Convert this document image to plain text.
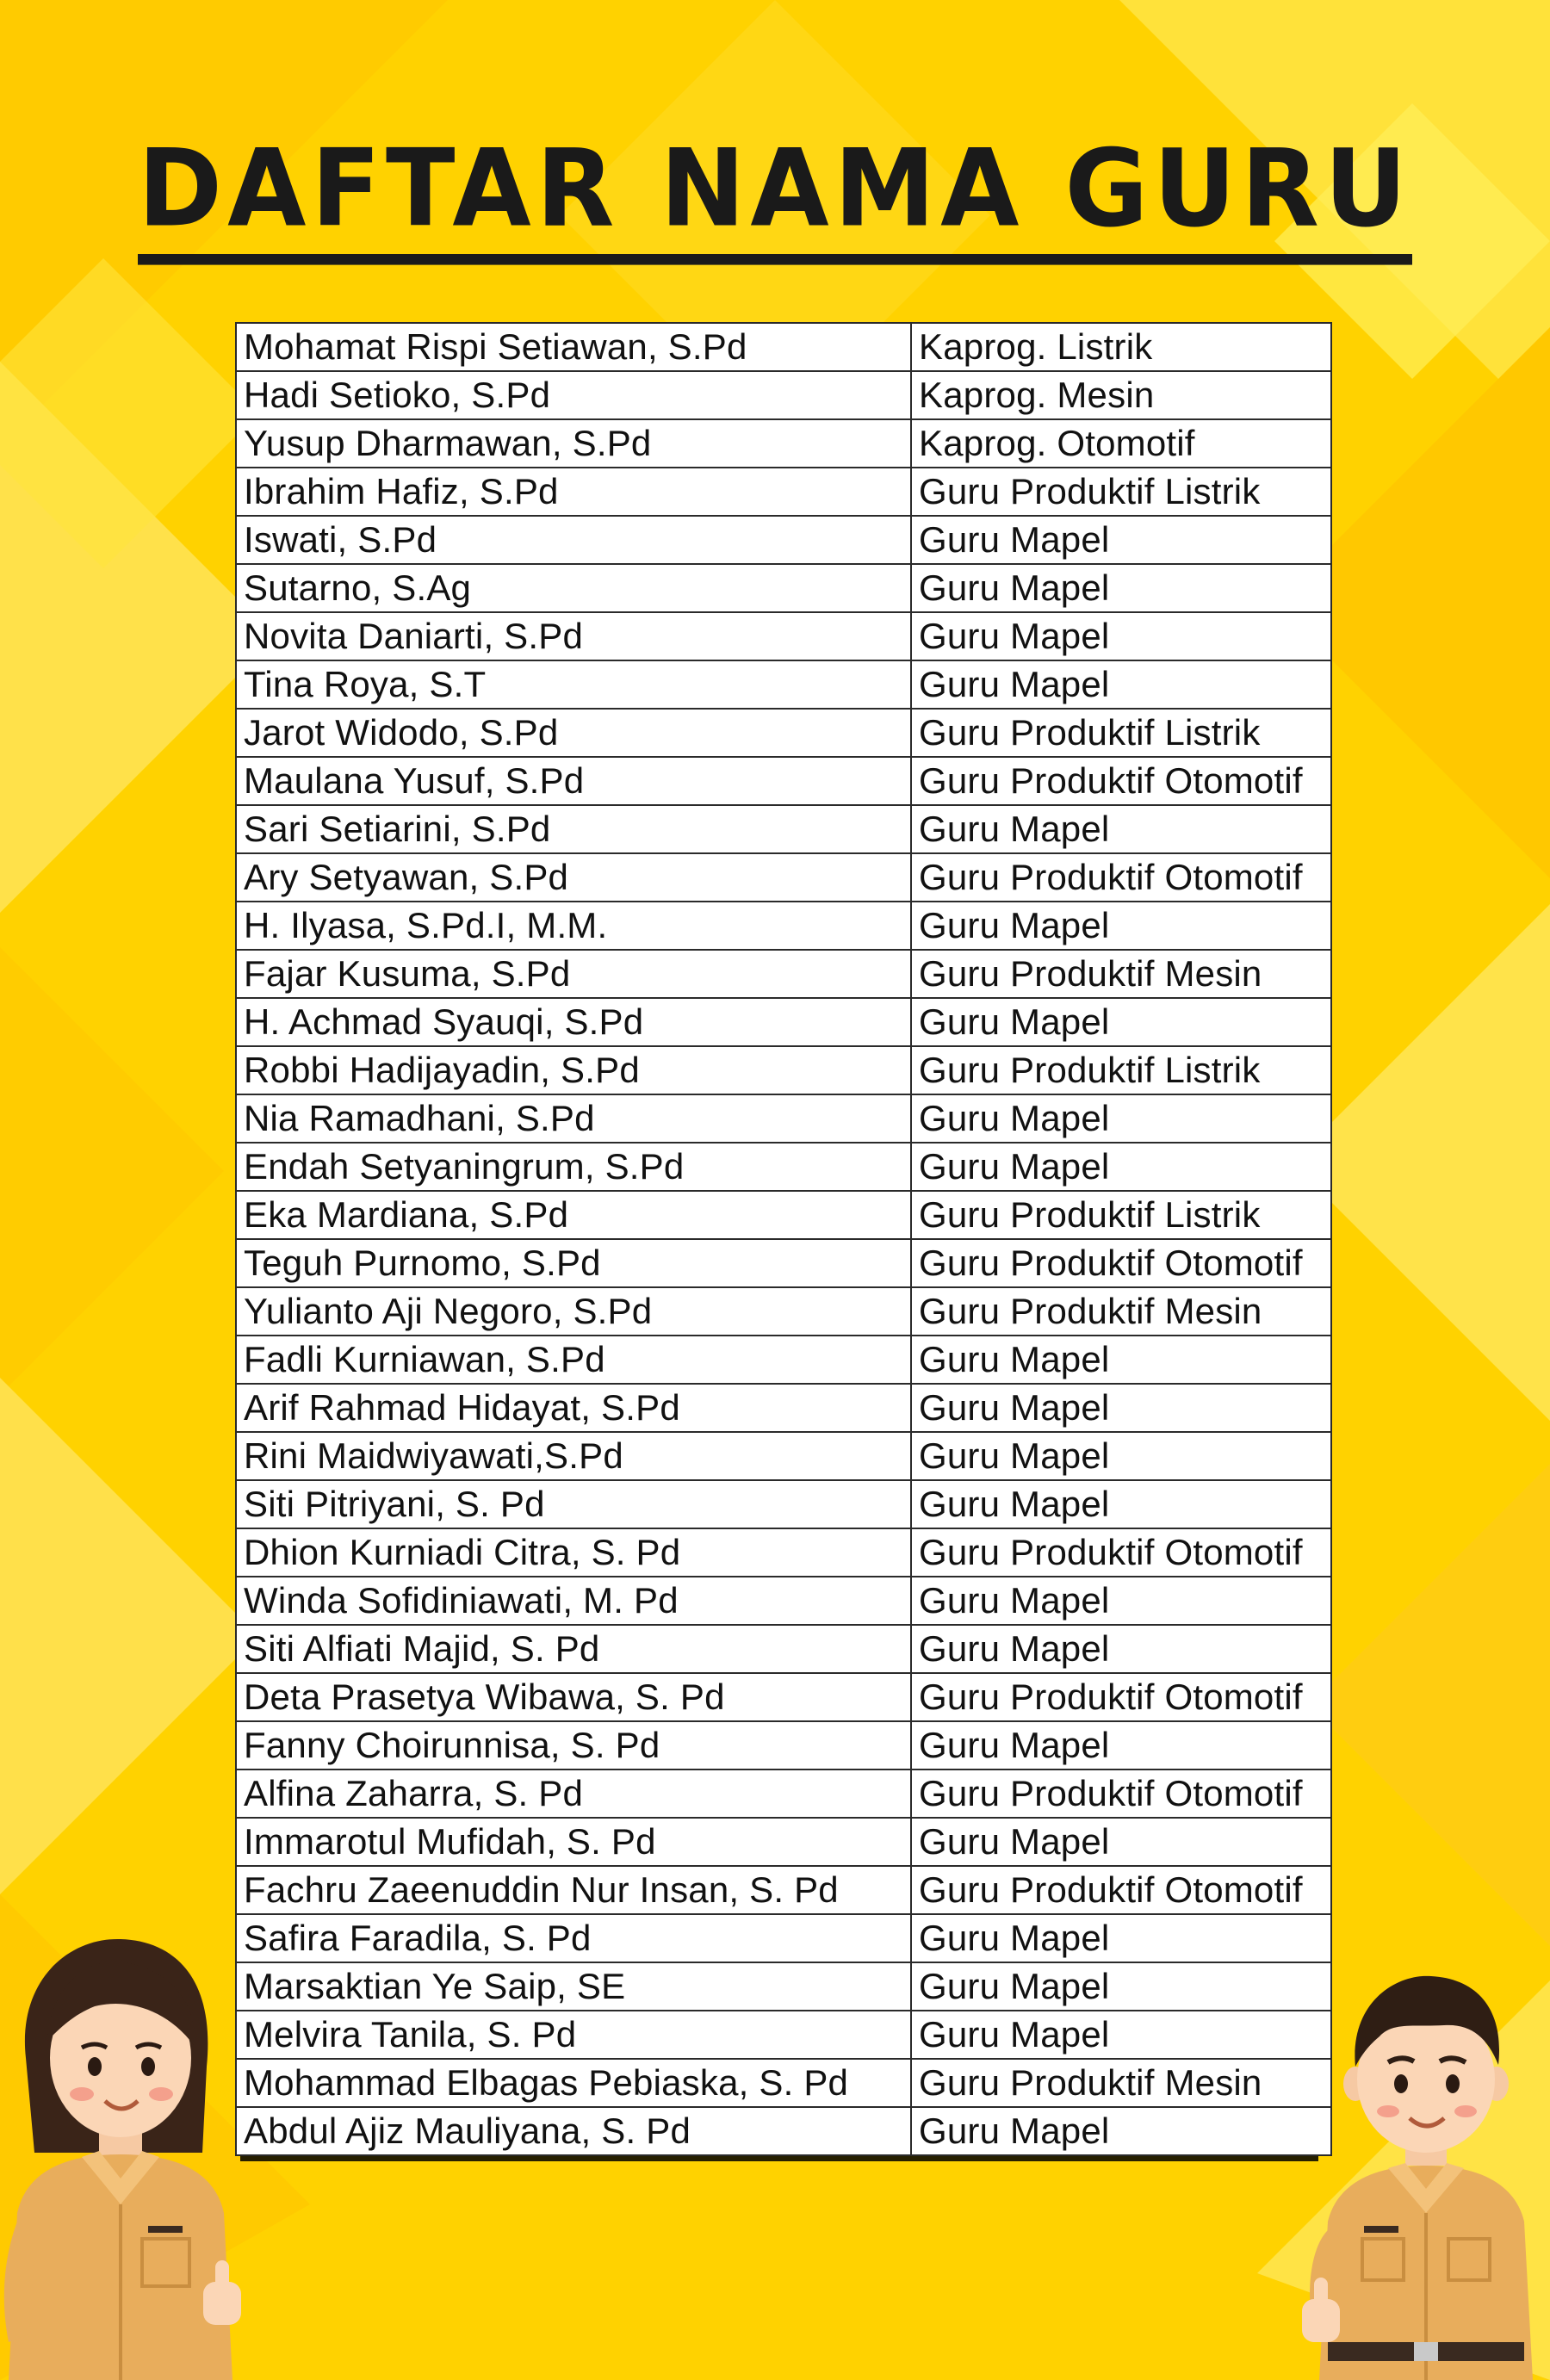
DAFTAR NAMA GURU
Mohamat Rispi Setiawan, S.Pd	Kaprog. Listrik
Hadi Setioko, S.Pd	Kaprog. Mesin
Yusup Dharmawan, S.Pd	Kaprog. Otomotif
Ibrahim Hafiz, S.Pd	Guru Produktif Listrik
Iswati, S.Pd	Guru Mapel
Sutarno, S.Ag	Guru Mapel
Novita Daniarti, S.Pd	Guru Mapel
Tina Roya, S.T	Guru Mapel
Jarot Widodo, S.Pd	Guru Produktif Listrik
Maulana Yusuf, S.Pd	Guru Produktif Otomotif
Sari Setiarini, S.Pd	Guru Mapel
Ary Setyawan, S.Pd	Guru Produktif Otomotif
H. Ilyasa, S.Pd.I, M.M.	Guru Mapel
Fajar Kusuma, S.Pd	Guru Produktif Mesin
H. Achmad Syauqi, S.Pd	Guru Mapel
Robbi Hadijayadin, S.Pd	Guru Produktif Listrik
Nia Ramadhani, S.Pd	Guru Mapel
Endah Setyaningrum, S.Pd	Guru Mapel
Eka Mardiana, S.Pd	Guru Produktif Listrik
Teguh Purnomo, S.Pd	Guru Produktif Otomotif
Yulianto Aji Negoro, S.Pd	Guru Produktif Mesin
Fadli Kurniawan, S.Pd	Guru Mapel
Arif Rahmad Hidayat, S.Pd	Guru Mapel
Rini Maidwiyawati,S.Pd	Guru Mapel
Siti Pitriyani, S. Pd	Guru Mapel
Dhion Kurniadi Citra, S. Pd	Guru Produktif Otomotif
Winda Sofidiniawati, M. Pd	Guru Mapel
Siti Alfiati Majid, S. Pd	Guru Mapel
Deta Prasetya Wibawa, S. Pd	Guru Produktif Otomotif
Fanny Choirunnisa, S. Pd	Guru Mapel
Alfina Zaharra, S. Pd	Guru Produktif Otomotif
Immarotul Mufidah, S. Pd	Guru Mapel
Fachru Zaeenuddin Nur Insan, S. Pd	Guru Produktif Otomotif
Safira Faradila, S. Pd	Guru Mapel
Marsaktian Ye Saip, SE	Guru Mapel
Melvira Tanila, S. Pd	Guru Mapel
Mohammad Elbagas Pebiaska, S. Pd	Guru Produktif Mesin
Abdul Ajiz Mauliyana, S. Pd	Guru Mapel
